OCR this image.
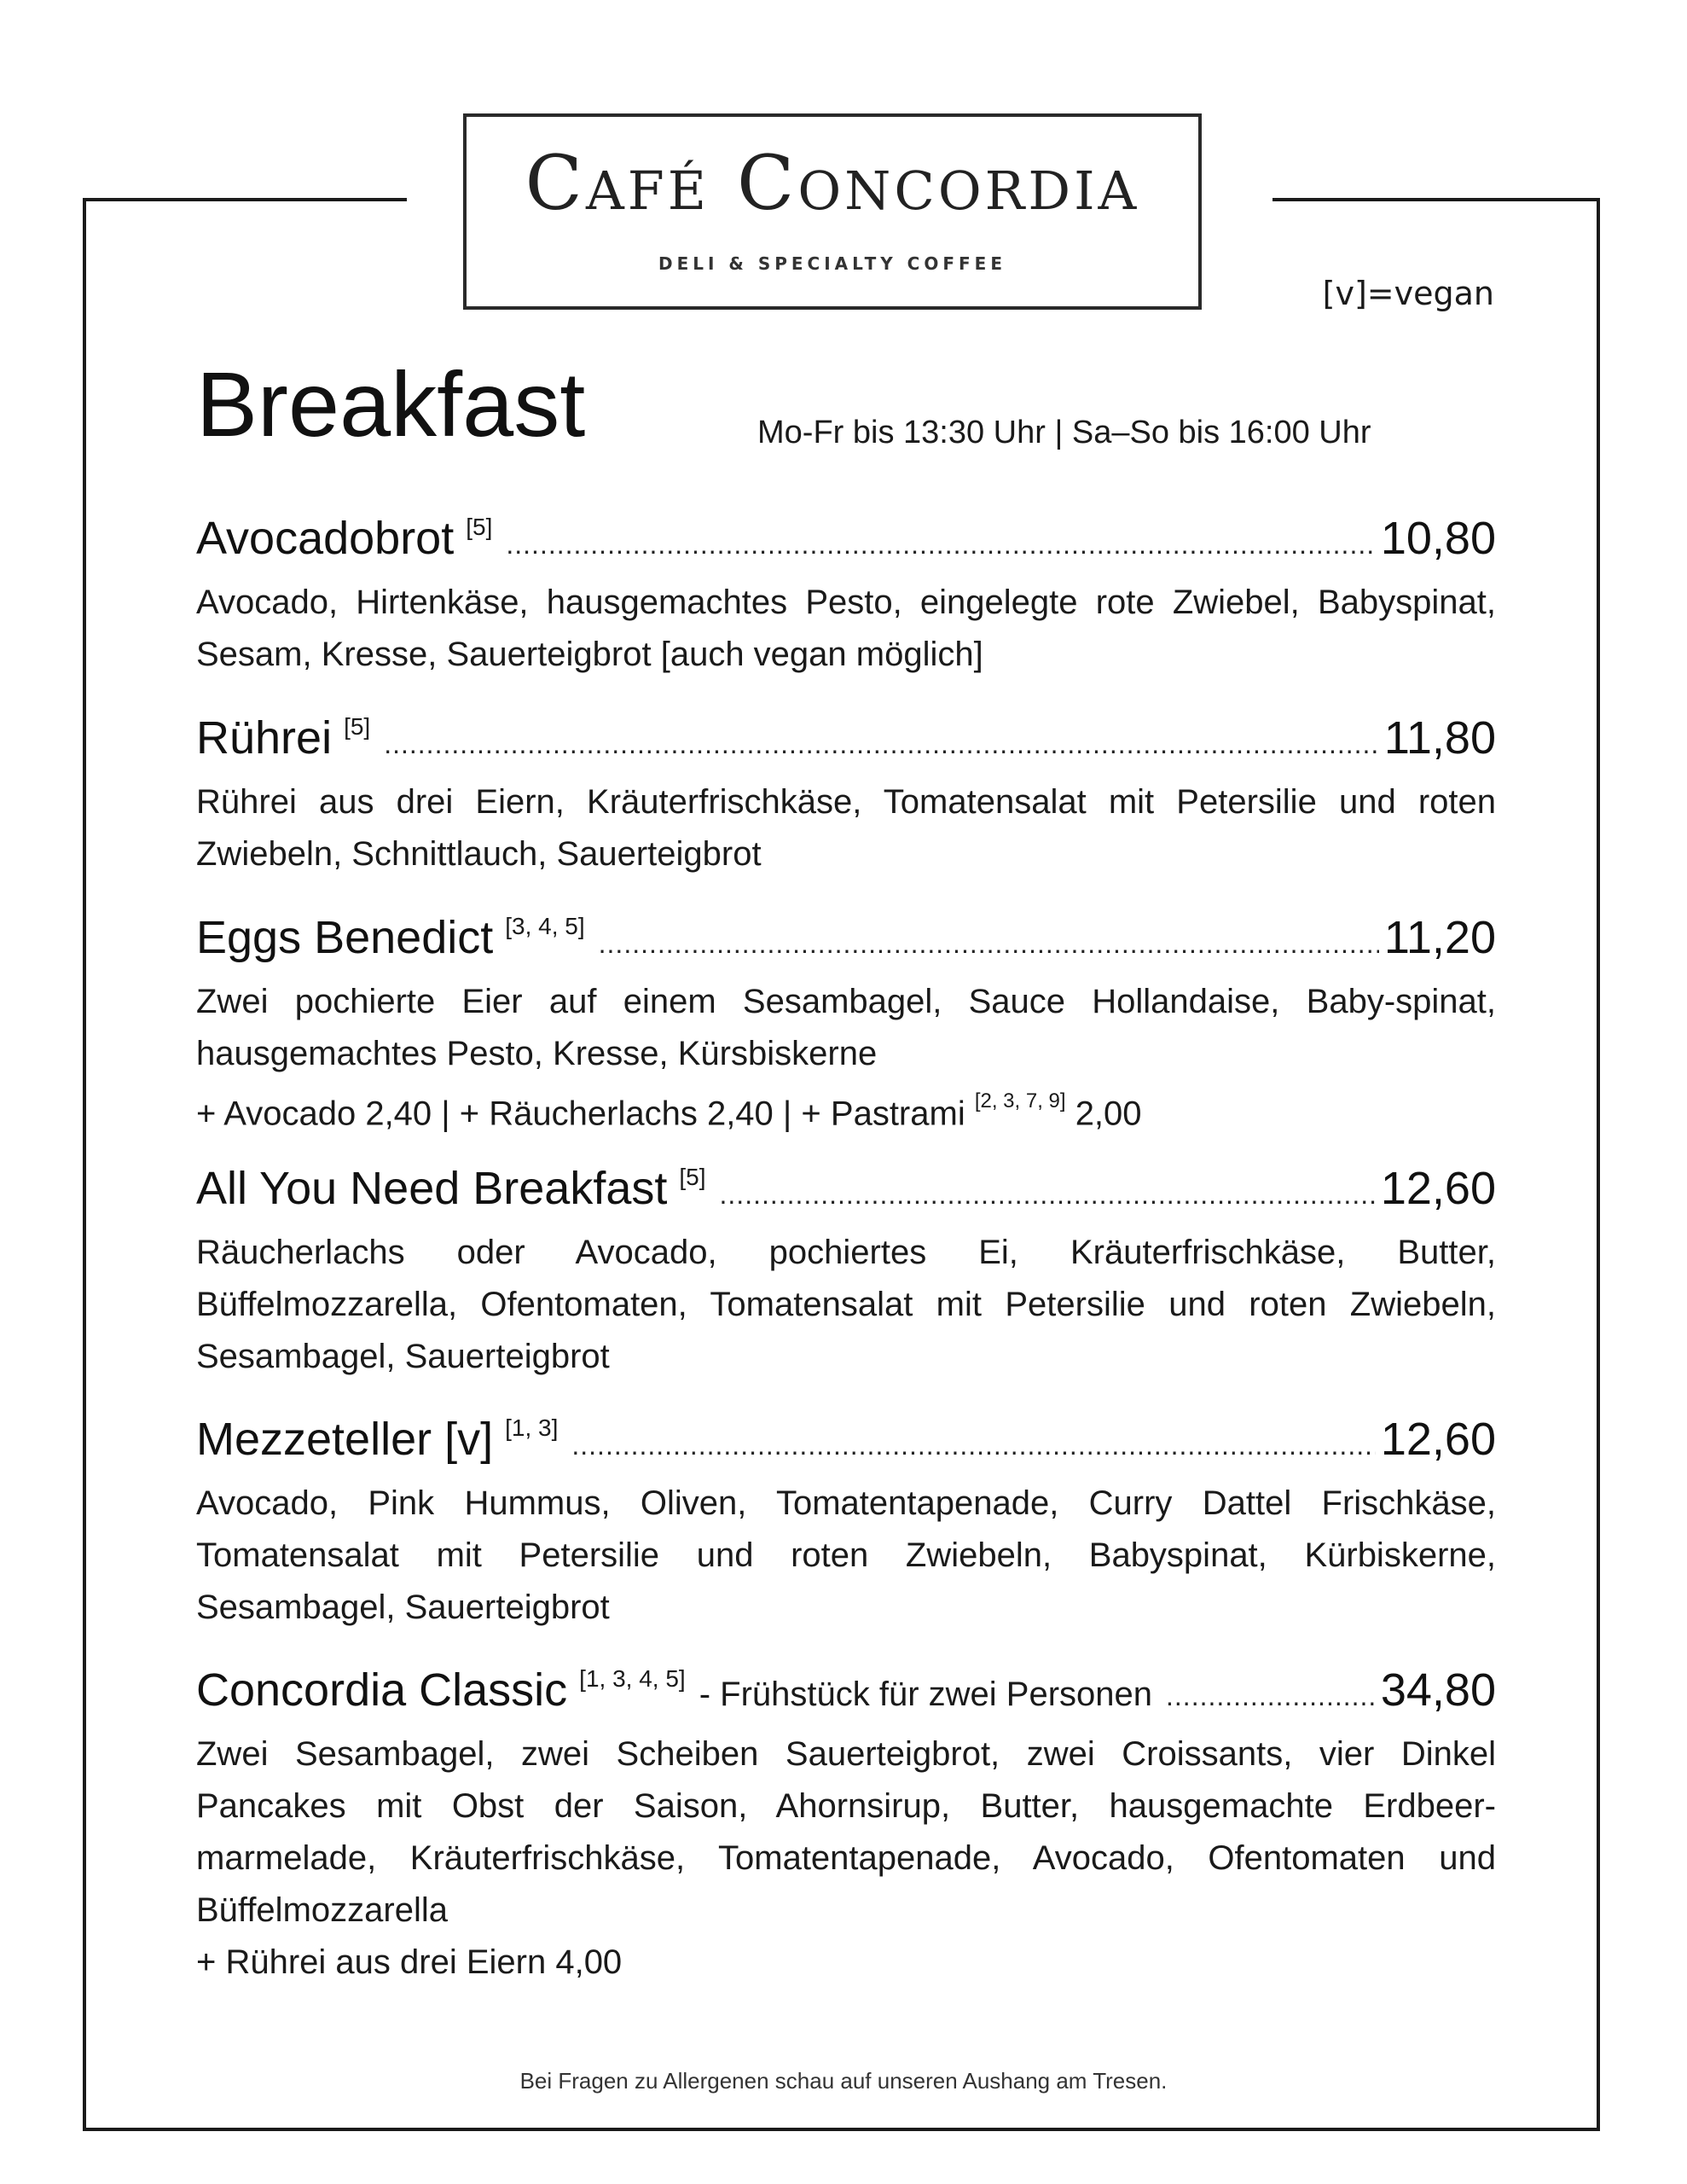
Café Concordia
DELI & SPECIALTY COFFEE
[v]=vegan
Breakfast	Mo-Fr bis 13:30 Uhr | Sa–So bis 16:00 Uhr
Avocadobrot [5] .....	10,80
Avocado, Hirtenkäse, hausgemachtes Pesto, eingelegte rote Zwiebel, Babyspinat, Sesam, Kresse, Sauerteigbrot [auch vegan möglich]
Rührei [5] .....	11,80
Rührei aus drei Eiern, Kräuterfrischkäse, Tomatensalat mit Petersilie und roten Zwiebeln, Schnittlauch, Sauerteigbrot
Eggs Benedict [3, 4, 5] .....	11,20
Zwei pochierte Eier auf einem Sesambagel, Sauce Hollandaise, Baby-spinat, hausgemachtes Pesto, Kresse, Kürsbiskerne
+ Avocado 2,40 | + Räucherlachs 2,40 | + Pastrami [2, 3, 7, 9] 2,00
All You Need Breakfast [5] .....	12,60
Räucherlachs oder Avocado, pochiertes Ei, Kräuterfrischkäse, Butter, Büffelmozzarella, Ofentomaten, Tomatensalat mit Petersilie und roten Zwiebeln, Sesambagel, Sauerteigbrot
Mezzeteller [v] [1, 3] .....	12,60
Avocado, Pink Hummus, Oliven, Tomatentapenade, Curry Dattel Frischkäse, Tomatensalat mit Petersilie und roten Zwiebeln, Babyspinat, Kürbiskerne, Sesambagel, Sauerteigbrot
Concordia Classic [1, 3, 4, 5] - Frühstück für zwei Personen .....	34,80
Zwei Sesambagel, zwei Scheiben Sauerteigbrot, zwei Croissants, vier Dinkel Pancakes mit Obst der Saison, Ahornsirup, Butter, hausgemachte Erdbeer-marmelade, Kräuterfrischkäse, Tomatentapenade, Avocado, Ofentomaten und Büffelmozzarella
+ Rührei aus drei Eiern 4,00
Bei Fragen zu Allergenen schau auf unseren Aushang am Tresen.
